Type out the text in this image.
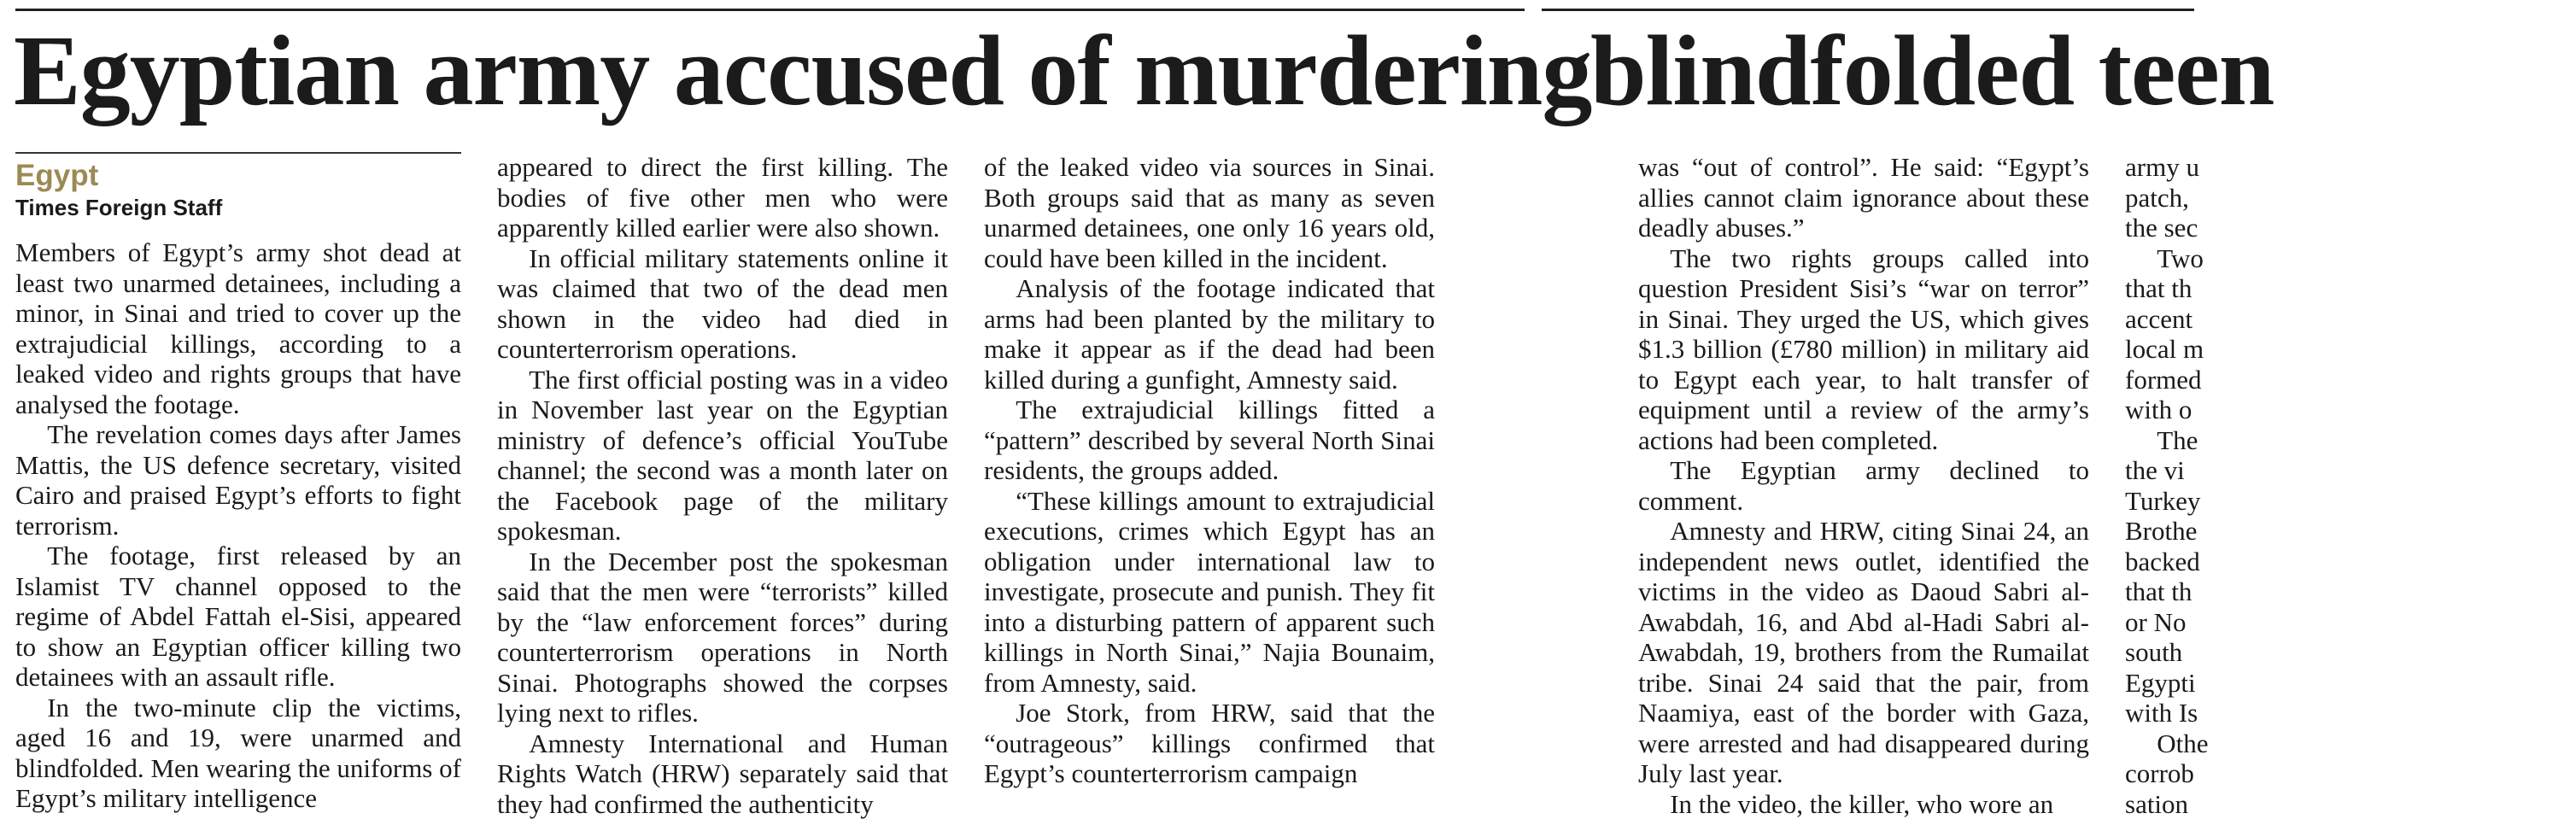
Egyptian army accused of murdering
blindfolded teen
Egypt
Times Foreign Staff

Members of Egypt’s army shot dead at least two unarmed detainees, including a minor, in Sinai and tried to cover up the extrajudicial killings, according to a leaked video and rights groups that have analysed the footage.

The revelation comes days after James Mattis, the US defence secretary, visited Cairo and praised Egypt’s efforts to fight terrorism.

The footage, first released by an Islamist TV channel opposed to the regime of Abdel Fattah el-Sisi, appeared to show an Egyptian officer killing two detainees with an assault rifle.

In the two-minute clip the victims, aged 16 and 19, were unarmed and blindfolded. Men wearing the uniforms of Egypt’s military intelligence

appeared to direct the first killing. The bodies of five other men who were apparently killed earlier were also shown.

In official military statements online it was claimed that two of the dead men shown in the video had died in counterterrorism operations.

The first official posting was in a video in November last year on the Egyptian ministry of defence’s official YouTube channel; the second was a month later on the Facebook page of the military spokesman.

In the December post the spokesman said that the men were “terrorists” killed by the “law enforcement forces” during counterterrorism operations in North Sinai. Photographs showed the corpses lying next to rifles.

Amnesty International and Human Rights Watch (HRW) separately said that they had confirmed the authenticity

of the leaked video via sources in Sinai. Both groups said that as many as seven unarmed detainees, one only 16 years old, could have been killed in the incident.

Analysis of the footage indicated that arms had been planted by the military to make it appear as if the dead had been killed during a gunfight, Amnesty said.

The extrajudicial killings fitted a “pattern” described by several North Sinai residents, the groups added.

“These killings amount to extrajudicial executions, crimes which Egypt has an obligation under international law to investigate, prosecute and punish. They fit into a disturbing pattern of apparent such killings in North Sinai,” Najia Bounaim, from Amnesty, said.

Joe Stork, from HRW, said that the “outrageous” killings confirmed that Egypt’s counterterrorism campaign

was “out of control”. He said: “Egypt’s allies cannot claim ignorance about these deadly abuses.”

The two rights groups called into question President Sisi’s “war on terror” in Sinai. They urged the US, which gives $1.3 billion (£780 million) in military aid to Egypt each year, to halt transfer of equipment until a review of the army’s actions had been completed.

The Egyptian army declined to comment.

Amnesty and HRW, citing Sinai 24, an independent news outlet, identified the victims in the video as Daoud Sabri al-Awabdah, 16, and Abd al-Hadi Sabri al-Awabdah, 19, brothers from the Rumailat tribe. Sinai 24 said that the pair, from Naamiya, east of the border with Gaza, were arrested and had disappeared during July last year.

In the video, the killer, who wore an

army u

patch,

the sec

Two

that th

accent

local m

formed

with o

The

the vi

Turkey

Brothe

backed

that th

or No

south

Egypti

with Is

Othe

corrob

sation
